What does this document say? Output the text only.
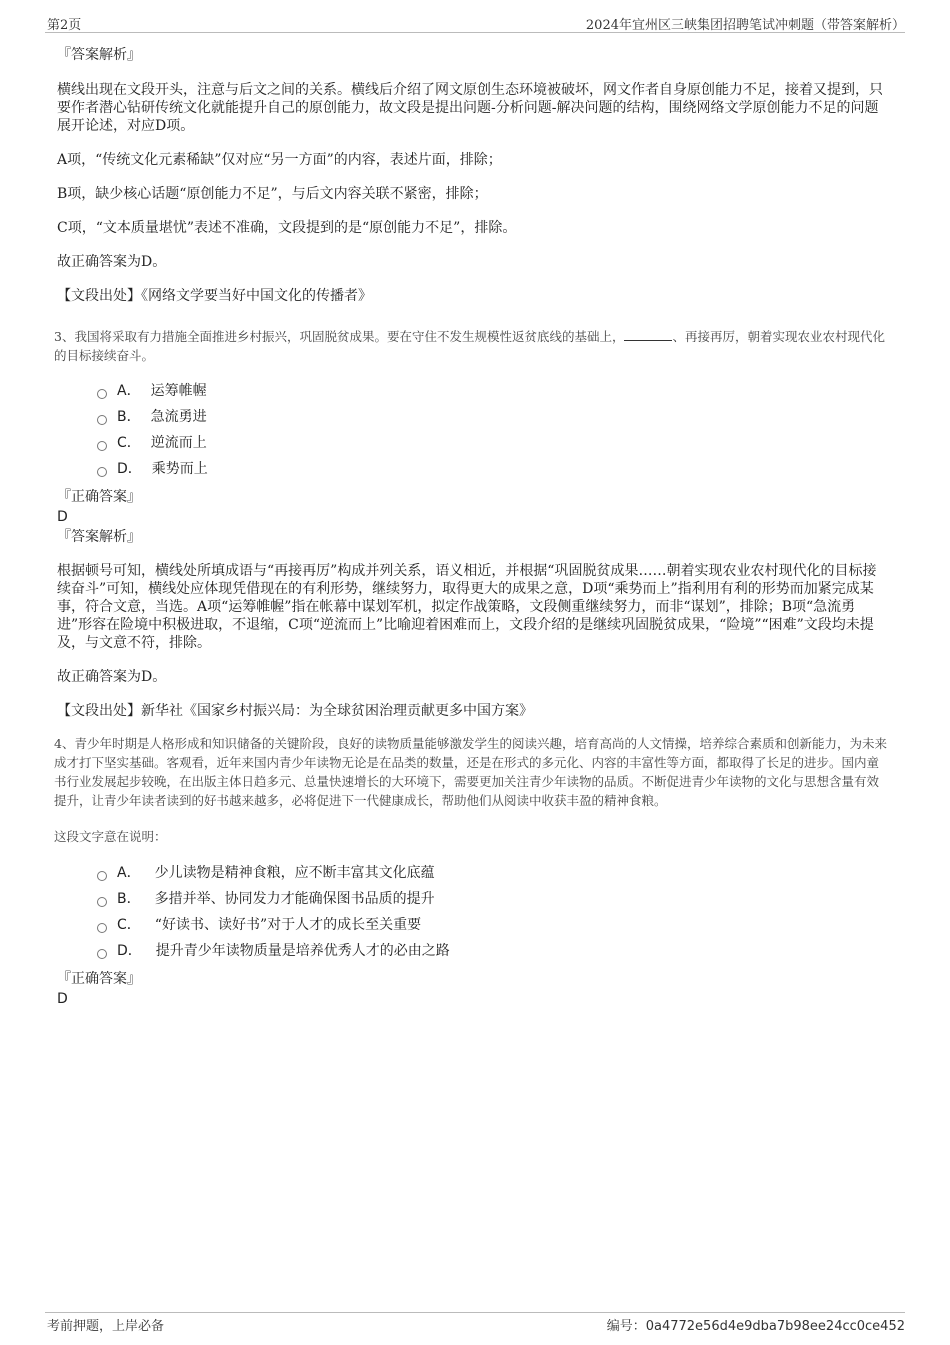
第2页	2024年宜州区三峡集团招聘笔试冲刺题（带答案解析）

『答案解析』

横线出现在文段开头，注意与后文之间的关系。横线后介绍了网文原创生态环境被破坏，网文作者自身原创能力不足，接着又提到，只要作者潜心钻研传统文化就能提升自己的原创能力，故文段是提出问题-分析问题-解决问题的结构，围绕网络文学原创能力不足的问题展开论述，对应D项。

A项，“传统文化元素稀缺”仅对应“另一方面”的内容，表述片面，排除；

B项，缺少核心话题“原创能力不足”，与后文内容关联不紧密，排除；

C项，“文本质量堪忧”表述不准确，文段提到的是“原创能力不足”，排除。

故正确答案为D。

【文段出处】《网络文学要当好中国文化的传播者》

3、我国将采取有力措施全面推进乡村振兴，巩固脱贫成果。要在守住不发生规模性返贫底线的基础上，	、再接再厉，朝着实现农业农村现代化的目标接续奋斗。

A． 运筹帷幄
B． 急流勇进
C． 逆流而上
D． 乘势而上

『正确答案』

D

『答案解析』

根据顿号可知，横线处所填成语与“再接再厉”构成并列关系，语义相近，并根据“巩固脱贫成果……朝着实现农业农村现代化的目标接续奋斗”可知，横线处应体现凭借现在的有利形势，继续努力，取得更大的成果之意，D项“乘势而上”指利用有利的形势而加紧完成某事，符合文意，当选。A项“运筹帷幄”指在帐幕中谋划军机，拟定作战策略，文段侧重继续努力，而非“谋划”，排除；B项“急流勇进”形容在险境中积极进取，不退缩，C项“逆流而上”比喻迎着困难而上，文段介绍的是继续巩固脱贫成果，“险境”“困难”文段均未提及，与文意不符，排除。

故正确答案为D。

【文段出处】新华社《国家乡村振兴局：为全球贫困治理贡献更多中国方案》

4、青少年时期是人格形成和知识储备的关键阶段，良好的读物质量能够激发学生的阅读兴趣，培育高尚的人文情操，培养综合素质和创新能力，为未来成才打下坚实基础。客观看，近年来国内青少年读物无论是在品类的数量，还是在形式的多元化、内容的丰富性等方面，都取得了长足的进步。国内童书行业发展起步较晚，在出版主体日趋多元、总量快速增长的大环境下，需要更加关注青少年读物的品质。不断促进青少年读物的文化与思想含量有效提升，让青少年读者读到的好书越来越多，必将促进下一代健康成长，帮助他们从阅读中收获丰盈的精神食粮。

这段文字意在说明：

A． 少儿读物是精神食粮，应不断丰富其文化底蕴
B． 多措并举、协同发力才能确保图书品质的提升
C． “好读书、读好书”对于人才的成长至关重要
D． 提升青少年读物质量是培养优秀人才的必由之路

『正确答案』

D

考前押题，上岸必备	编号：0a4772e56d4e9dba7b98ee24cc0ce452
